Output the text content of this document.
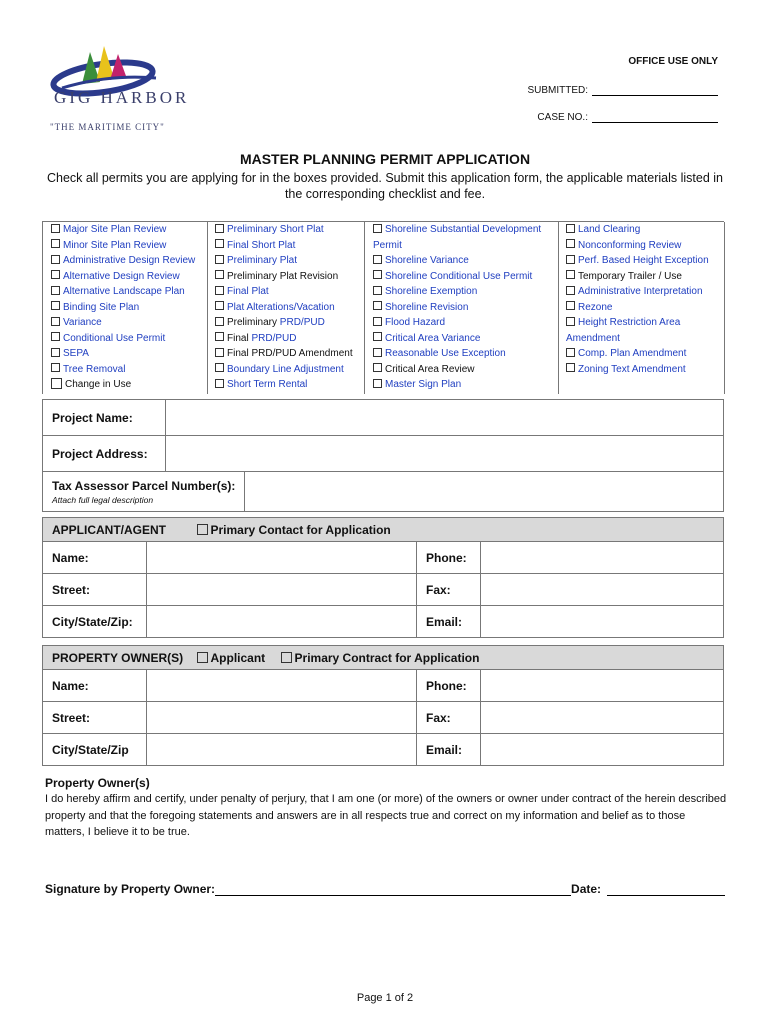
GIG HARBOR
"THE MARITIME CITY"
OFFICE USE ONLY
SUBMITTED:
CASE NO.:
MASTER PLANNING PERMIT APPLICATION
Check all permits you are applying for in the boxes provided. Submit this application form, the applicable materials listed in the corresponding checklist and fee.
Major Site Plan Review
Minor Site Plan Review
Administrative Design Review
Alternative Design Review
Alternative Landscape Plan
Binding Site Plan
Variance
Conditional Use Permit
SEPA
Tree Removal
Change in Use
Preliminary Short Plat
Final Short Plat
Preliminary Plat
Preliminary Plat Revision
Final Plat
Plat Alterations/Vacation
Preliminary PRD/PUD
Final PRD/PUD
Final PRD/PUD Amendment
Boundary Line Adjustment
Short Term Rental
Shoreline Substantial Development
Permit
Shoreline Variance
Shoreline Conditional Use Permit
Shoreline Exemption
Shoreline Revision
Flood Hazard
Critical Area Variance
Reasonable Use Exception
Critical Area Review
Master Sign Plan
Land Clearing
Nonconforming Review
Perf. Based Height Exception
Temporary Trailer / Use
Administrative Interpretation
Rezone
Height Restriction Area
Amendment
Comp. Plan Amendment
Zoning Text Amendment
Project Name:	
Project Address:	
Tax Assessor Parcel Number(s):
Attach full legal description

APPLICANT/AGENT Primary Contact for Application			

Name:		Phone:	
Street:		Fax:	
City/State/Zip:		Email:	
PROPERTY OWNER(S) Applicant Primary Contract for Application			

Name:		Phone:	
Street:		Fax:	
City/State/Zip		Email:	
Property Owner(s)
I do hereby affirm and certify, under penalty of perjury, that I am one (or more) of the owners or owner under contract of the herein described property and that the foregoing statements and answers are in all respects true and correct on my information and belief as to those matters, I believe it to be true.
Signature by Property Owner:	Date:
Page 1 of 2
